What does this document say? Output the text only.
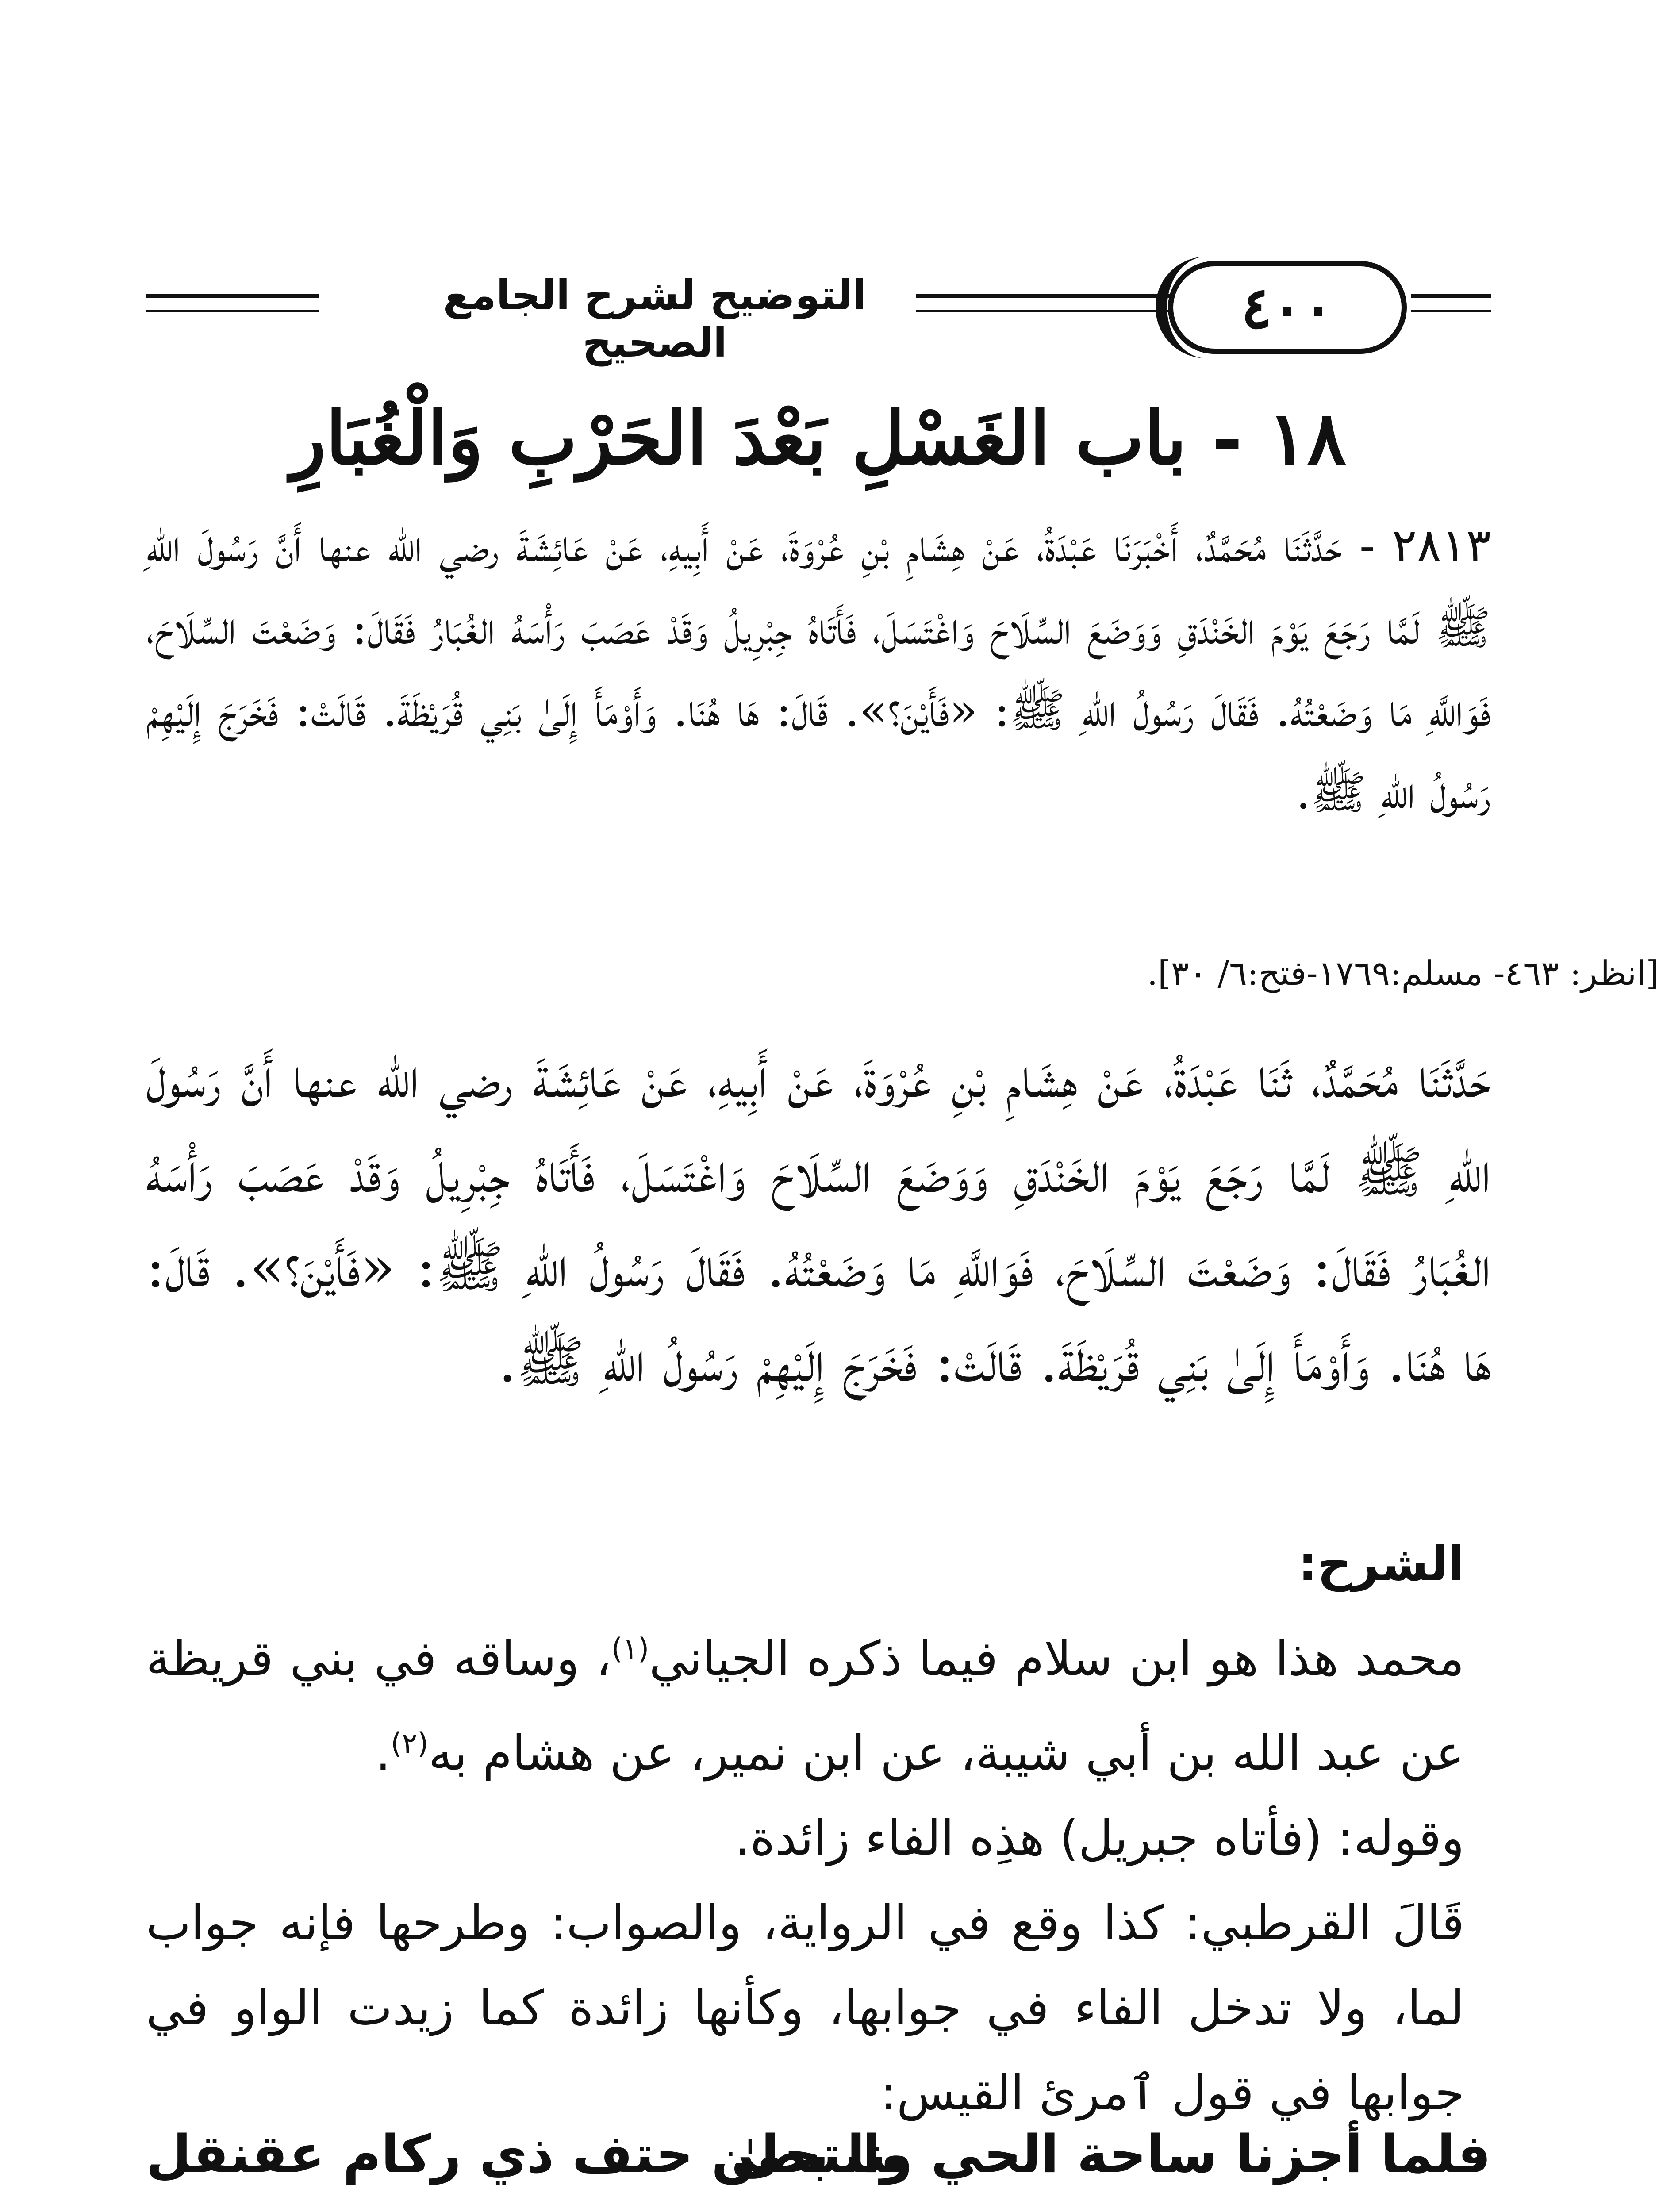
التوضيح لشرح الجامع الصحيح
٤٠٠
١٨ - باب الغَسْلِ بَعْدَ الحَرْبِ وَالْغُبَارِ
٢٨١٣ - حَدَّثَنَا مُحَمَّدٌ، أَخْبَرَنَا عَبْدَةُ، عَنْ هِشَامِ بْنِ عُرْوَةَ، عَنْ أَبِيهِ، عَنْ عَائِشَةَ رضي الله عنها أَنَّ رَسُولَ اللهِ ﷺ لَمَّا رَجَعَ يَوْمَ الخَنْدَقِ وَوَضَعَ السِّلَاحَ وَاغْتَسَلَ، فَأَتَاهُ جِبْرِيلُ وَقَدْ عَصَبَ رَأْسَهُ الغُبَارُ فَقَالَ: وَضَعْتَ السِّلَاحَ، فَوَاللَّهِ مَا وَضَعْتُهُ. فَقَالَ رَسُولُ اللهِ ﷺ: «فَأَيْنَ؟». قَالَ: هَا هُنَا. وَأَوْمَأَ إِلَىٰ بَنِي قُرَيْظَةَ. قَالَتْ: فَخَرَجَ إِلَيْهِمْ رَسُولُ اللهِ ﷺ.
[انظر: ٤٦٣- مسلم:١٧٦٩-فتح:٦/ ٣٠].
حَدَّثَنَا مُحَمَّدٌ، ثَنَا عَبْدَةُ، عَنْ هِشَامِ بْنِ عُرْوَةَ، عَنْ أَبِيهِ، عَنْ عَائِشَةَ رضي الله عنها أَنَّ رَسُولَ اللهِ ﷺ لَمَّا رَجَعَ يَوْمَ الخَنْدَقِ وَوَضَعَ السِّلَاحَ وَاغْتَسَلَ، فَأَتَاهُ جِبْرِيلُ وَقَدْ عَصَبَ رَأْسَهُ الغُبَارُ فَقَالَ: وَضَعْتَ السِّلَاحَ، فَوَاللَّهِ مَا وَضَعْتُهُ. فَقَالَ رَسُولُ اللهِ ﷺ: «فَأَيْنَ؟». قَالَ: هَا هُنَا. وَأَوْمَأَ إِلَىٰ بَنِي قُرَيْظَةَ. قَالَتْ: فَخَرَجَ إِلَيْهِمْ رَسُولُ اللهِ ﷺ.

الشرح:

محمد هذا هو ابن سلام فيما ذكره الجياني$^{(١)}$، وساقه في بني قريظة عن عبد الله بن أبي شيبة، عن ابن نمير، عن هشام به$^{(٢)}$.

وقوله: (فأتاه جبريل) هذِه الفاء زائدة.

قَالَ القرطبي: كذا وقع في الرواية، والصواب: وطرحها فإنه جواب لما، ولا تدخل الفاء في جوابها، وكأنها زائدة كما زيدت الواو في جوابها في قول ٱمرئ القيس:

فلما أجزنا ساحة الحي وانتحىٰ
بنا بطن حتف ذي ركام عقنقل
